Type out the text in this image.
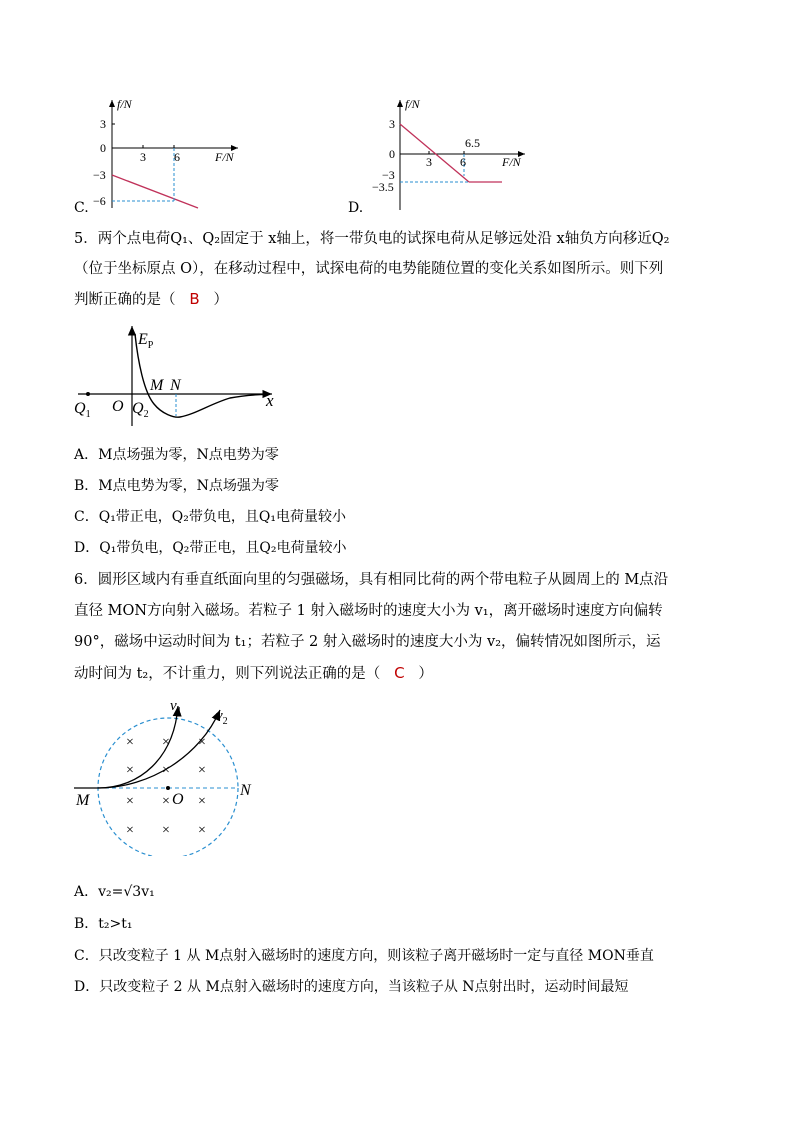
f/N
F/N
3
0
−3
−6
3 6
C.
f/N
F/N
3
0
−3
−3.5
3 6
6.5
D.
5．两个点电荷Q₁、Q₂固定于 x轴上，将一带负电的试探电荷从足够远处沿 x轴负方向移近Q₂
（位于坐标原点 O），在移动过程中，试探电荷的电势能随位置的变化关系如图所示。则下列
判断正确的是（ B ）
$E_P$
M N
$Q_1$ O $Q_2$
x
A．M点场强为零，N点电势为零
B．M点电势为零，N点场强为零
C．Q₁带正电，Q₂带负电，且Q₁电荷量较小
D．Q₁带负电，Q₂带正电，且Q₂电荷量较小
6．圆形区域内有垂直纸面向里的匀强磁场，具有相同比荷的两个带电粒子从圆周上的 M点沿
直径 MON方向射入磁场。若粒子 1 射入磁场时的速度大小为 v₁，离开磁场时速度方向偏转
90°，磁场中运动时间为 t₁；若粒子 2 射入磁场时的速度大小为 v₂，偏转情况如图所示，运
动时间为 t₂，不计重力，则下列说法正确的是（ C ）
× × ×
× × ×
× × ×
× × ×
$v_1$ $v_2$
M	O
N
A．v₂=√3v₁
B．t₂>t₁
C．只改变粒子 1 从 M点射入磁场时的速度方向，则该粒子离开磁场时一定与直径 MON垂直
D．只改变粒子 2 从 M点射入磁场时的速度方向，当该粒子从 N点射出时，运动时间最短
